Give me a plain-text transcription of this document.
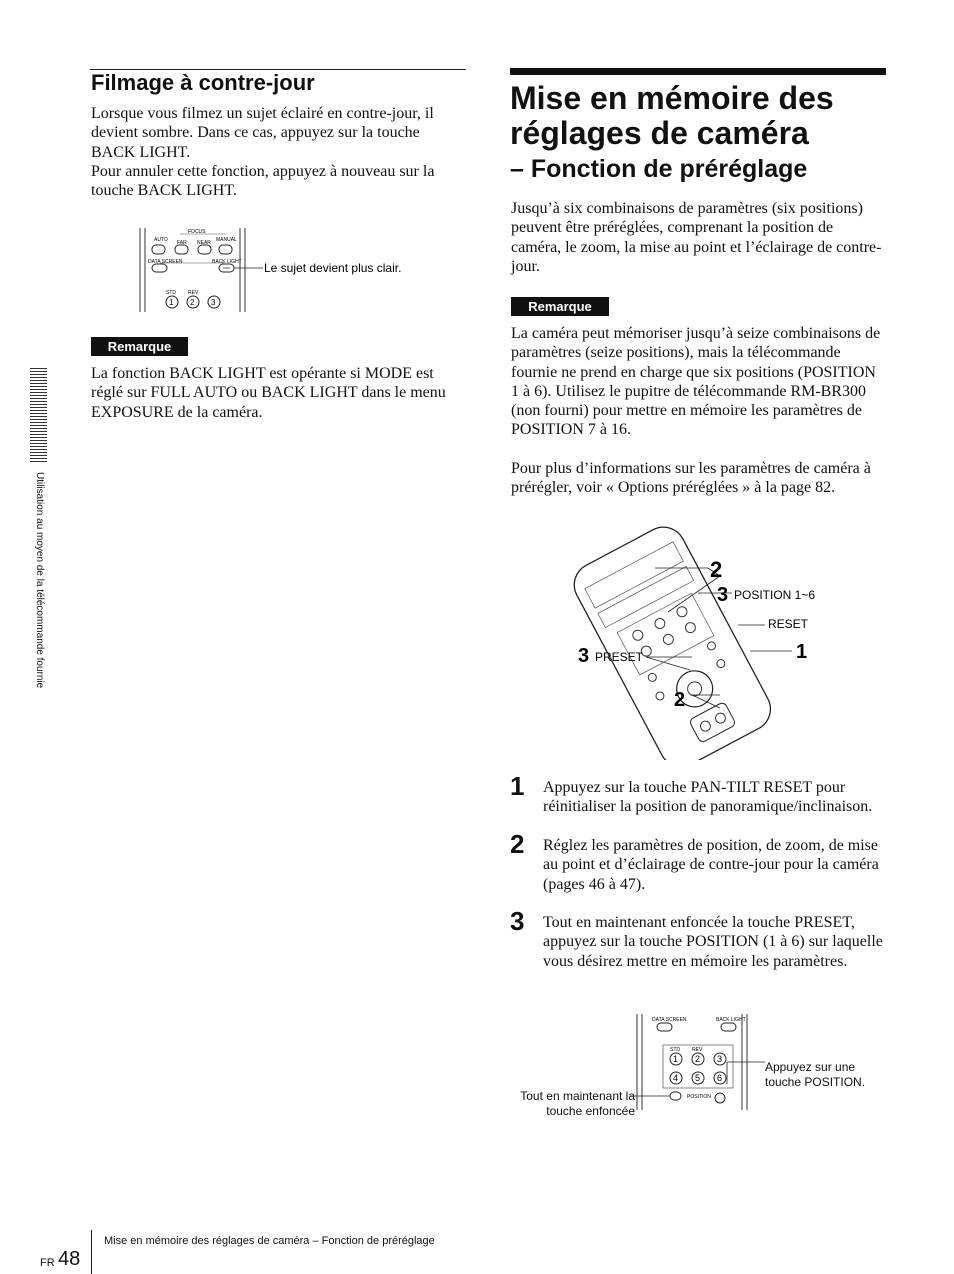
Utilisation au moyen de la télécommande fournie
Filmage à contre-jour
Lorsque vous filmez un sujet éclairé en contre-jour, il devient sombre. Dans ce cas, appuyez sur la touche BACK LIGHT.
Pour annuler cette fonction, appuyez à nouveau sur la touche BACK LIGHT.
FOCUS
AUTO FAR NEAR MANUAL
DATA SCREEN	BACK LIGHT
STD REV
1 2 3
Le sujet devient plus clair.
Remarque
La fonction BACK LIGHT est opérante si MODE est réglé sur FULL AUTO ou BACK LIGHT dans le menu EXPOSURE de la caméra.
Mise en mémoire des
réglages de caméra
– Fonction de préréglage
Jusqu’à six combinaisons de paramètres (six positions) peuvent être préréglées, comprenant la position de caméra, le zoom, la mise au point et l’éclairage de contre-jour.
Remarque
La caméra peut mémoriser jusqu’à seize combinaisons de paramètres (seize positions), mais la télécommande fournie ne prend en charge que six positions (POSITION 1 à 6). Utilisez le pupitre de télécommande RM-BR300 (non fourni) pour mettre en mémoire les paramètres de POSITION 7 à 16.
Pour plus d’informations sur les paramètres de caméra à prérégler, voir « Options préréglées » à la page 82.
2
3 POSITION 1~6
RESET
1
3 PRESET
2
1 Appuyez sur la touche PAN-TILT RESET pour réinitialiser la position de panoramique/inclinaison.
2 Réglez les paramètres de position, de zoom, de mise au point et d’éclairage de contre-jour pour la caméra (pages 46 à 47).
3 Tout en maintenant enfoncée la touche PRESET, appuyez sur la touche POSITION (1 à 6) sur laquelle vous désirez mettre en mémoire les paramètres.
DATA SCREEN	BACK LIGHT
STD REV
1 2 3
4 5 6
POSITION
Appuyez sur une touche POSITION.
Tout en maintenant la touche enfoncée
FR 48
Mise en mémoire des réglages de caméra – Fonction de préréglage
